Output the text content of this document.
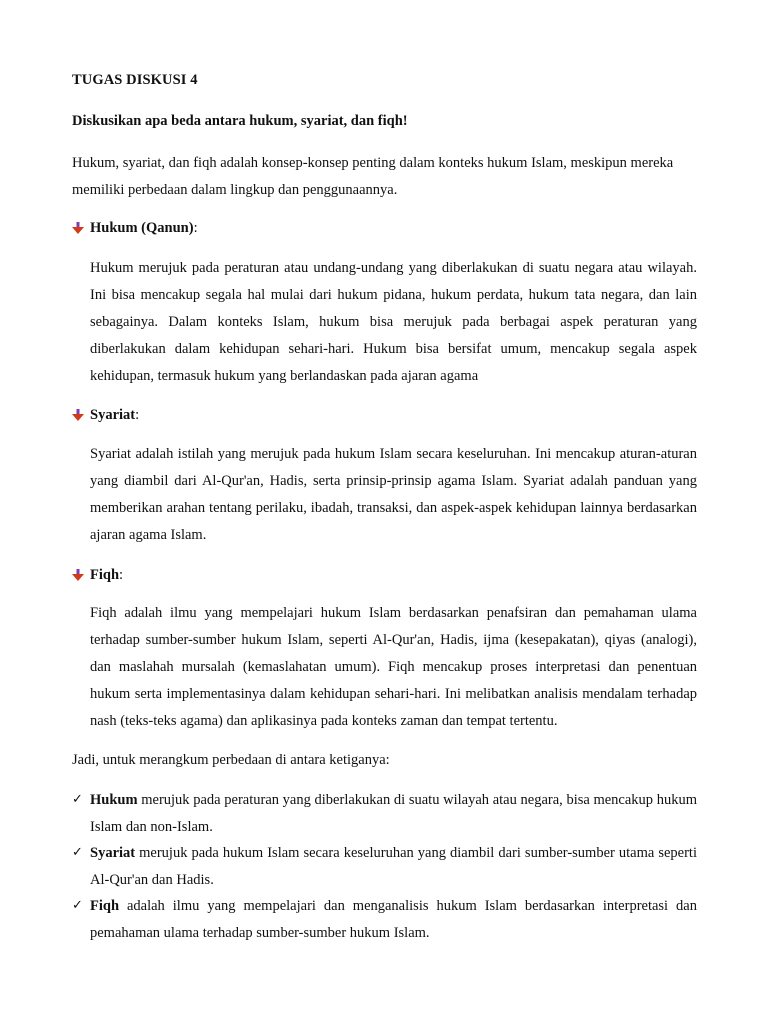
TUGAS DISKUSI 4
Diskusikan apa beda antara hukum, syariat, dan fiqh!

Hukum, syariat, dan fiqh adalah konsep-konsep penting dalam konteks hukum Islam, meskipun mereka memiliki perbedaan dalam lingkup dan penggunaannya.

Hukum (Qanun) :

Hukum merujuk pada peraturan atau undang-undang yang diberlakukan di suatu negara atau wilayah. Ini bisa mencakup segala hal mulai dari hukum pidana, hukum perdata, hukum tata negara, dan lain sebagainya. Dalam konteks Islam, hukum bisa merujuk pada berbagai aspek peraturan yang diberlakukan dalam kehidupan sehari-hari. Hukum bisa bersifat umum, mencakup segala aspek kehidupan, termasuk hukum yang berlandaskan pada ajaran agama

Syariat :

Syariat adalah istilah yang merujuk pada hukum Islam secara keseluruhan. Ini mencakup aturan-aturan yang diambil dari Al-Qur'an, Hadis, serta prinsip-prinsip agama Islam. Syariat adalah panduan yang memberikan arahan tentang perilaku, ibadah, transaksi, dan aspek-aspek kehidupan lainnya berdasarkan ajaran agama Islam.

Fiqh :

Fiqh adalah ilmu yang mempelajari hukum Islam berdasarkan penafsiran dan pemahaman ulama terhadap sumber-sumber hukum Islam, seperti Al-Qur'an, Hadis, ijma (kesepakatan), qiyas (analogi), dan maslahah mursalah (kemaslahatan umum). Fiqh mencakup proses interpretasi dan penentuan hukum serta implementasinya dalam kehidupan sehari-hari. Ini melibatkan analisis mendalam terhadap nash (teks-teks agama) dan aplikasinya pada konteks zaman dan tempat tertentu.

Jadi, untuk merangkum perbedaan di antara ketiganya:
✓ Hukum merujuk pada peraturan yang diberlakukan di suatu wilayah atau negara, bisa mencakup hukum Islam dan non-Islam.
✓ Syariat merujuk pada hukum Islam secara keseluruhan yang diambil dari sumber-sumber utama seperti Al-Qur'an dan Hadis.
✓ Fiqh adalah ilmu yang mempelajari dan menganalisis hukum Islam berdasarkan interpretasi dan pemahaman ulama terhadap sumber-sumber hukum Islam.
